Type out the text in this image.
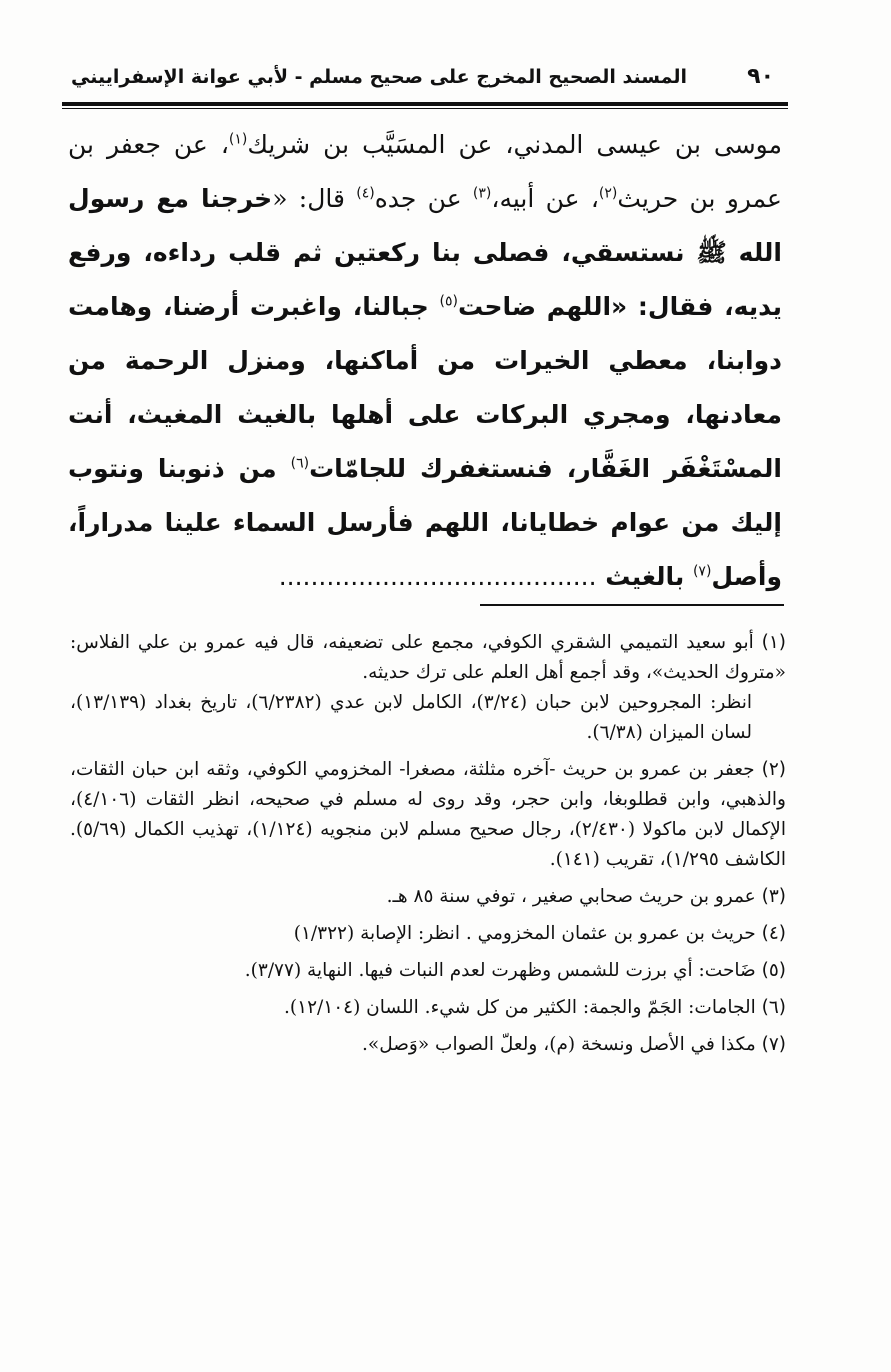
٩٠
المسند الصحيح المخرج على صحيح مسلم - لأبي عوانة الإسفراييني
موسى بن عيسى المدني، عن المسَيَّب بن شريك$^{(١)}$، عن جعفر بن عمرو بن حريث$^{(٢)}$، عن أبيه،$^{(٣)}$ عن جده$^{(٤)}$ قال: «خرجنا مع رسول الله ﷺ نستسقي، فصلى بنا ركعتين ثم قلب رداءه، ورفع يديه، فقال: «اللهم ضاحت$^{(٥)}$ جبالنا، واغبرت أرضنا، وهامت دوابنا، معطي الخيرات من أماكنها، ومنزل الرحمة من معادنها، ومجري البركات على أهلها بالغيث المغيث، أنت المسْتَغْفَر الغَفَّار، فنستغفرك للجامّات$^{(٦)}$ من ذنوبنا ونتوب إليك من عوام خطايانا، اللهم فأرسل السماء علينا مدراراً، وأصل$^{(٧)}$ بالغيث ........................................

(١) أبو سعيد التميمي الشقري الكوفي، مجمع على تضعيفه، قال فيه عمرو بن علي الفلاس: «متروك الحديث»، وقد أجمع أهل العلم على ترك حديثه.
انظر: المجروحين لابن حبان (٣/٢٤)، الكامل لابن عدي (٦/٢٣٨٢)، تاريخ بغداد (١٣/١٣٩)، لسان الميزان (٦/٣٨).

(٢) جعفر بن عمرو بن حريث -آخره مثلثة، مصغرا- المخزومي الكوفي، وثقه ابن حبان الثقات، والذهبي، وابن قطلوبغا، وابن حجر، وقد روى له مسلم في صحيحه، انظر الثقات (٤/١٠٦)، الإكمال لابن ماكولا (٢/٤٣٠)، رجال صحيح مسلم لابن منجويه (١/١٢٤)، تهذيب الكمال (٥/٦٩). الكاشف ١/٢٩٥)، تقريب (١٤١).

(٣) عمرو بن حريث صحابي صغير ، توفي سنة ٨٥ هـ.

(٤) حريث بن عمرو بن عثمان المخزومي . انظر: الإصابة (١/٣٢٢)

(٥) ضَاحت: أي برزت للشمس وظهرت لعدم النبات فيها. النهاية (٣/٧٧).

(٦) الجامات: الجَمّ والجمة: الكثير من كل شيء. اللسان (١٢/١٠٤).

(٧) مكذا في الأصل ونسخة (م)، ولعلّ الصواب «وَصل».
